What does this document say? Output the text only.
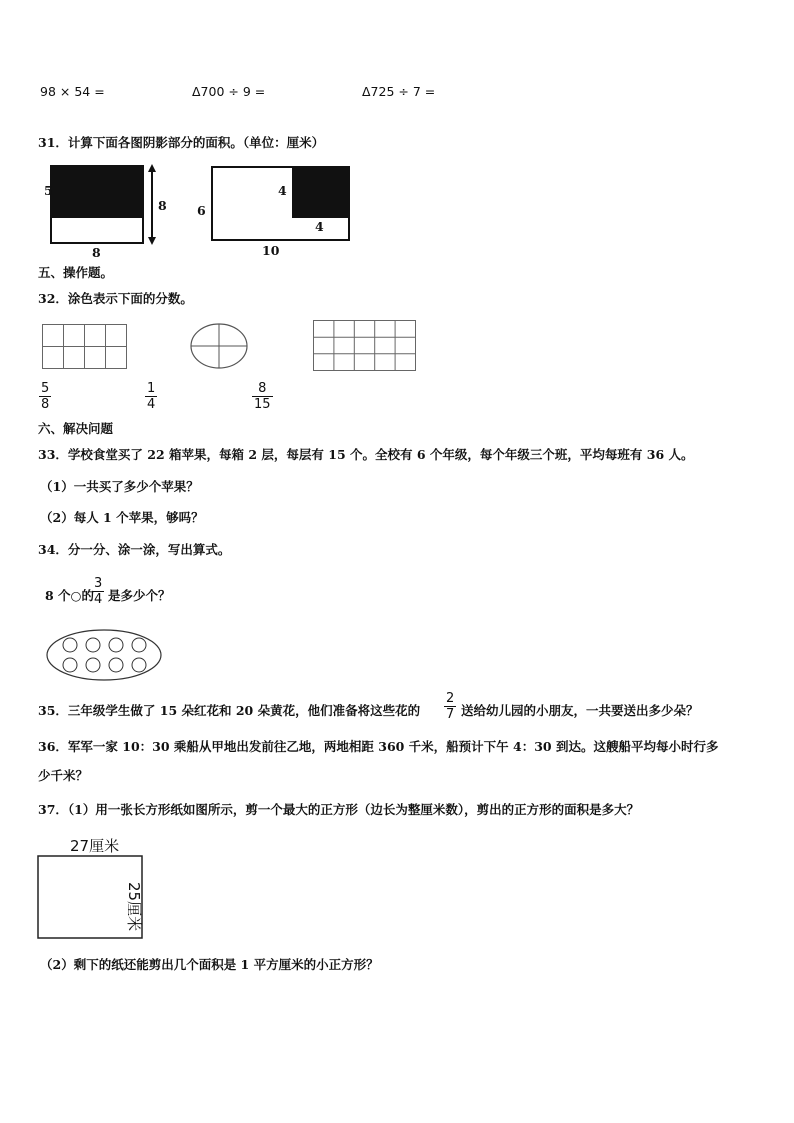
98 × 54 =	Δ700 ÷ 9 =	Δ725 ÷ 7 =
31．计算下面各图阴影部分的面积。（单位：厘米）
5
8
8
6
4
4
10
五、操作题。
32．涂色表示下面的分数。
5
8
1
4
8
15
六、解决问题
33．学校食堂买了 22 箱苹果，每箱 2 层，每层有 15 个。全校有 6 个年级，每个年级三个班，平均每班有 36 人。
（1）一共买了多少个苹果？
（2）每人 1 个苹果，够吗？
34．分一分、涂一涂，写出算式。
8 个○的
3
4 是多少个？
35．三年级学生做了 15 朵红花和 20 朵黄花，他们准备将这些花的
2
7 送给幼儿园的小朋友，一共要送出多少朵？
36．军军一家 10：30 乘船从甲地出发前往乙地，两地相距 360 千米，船预计下午 4：30 到达。这艘船平均每小时行多
少千米？
37．（1）用一张长方形纸如图所示，剪一个最大的正方形（边长为整厘米数），剪出的正方形的面积是多大？
27厘米
25厘米
（2）剩下的纸还能剪出几个面积是 1 平方厘米的小正方形？
